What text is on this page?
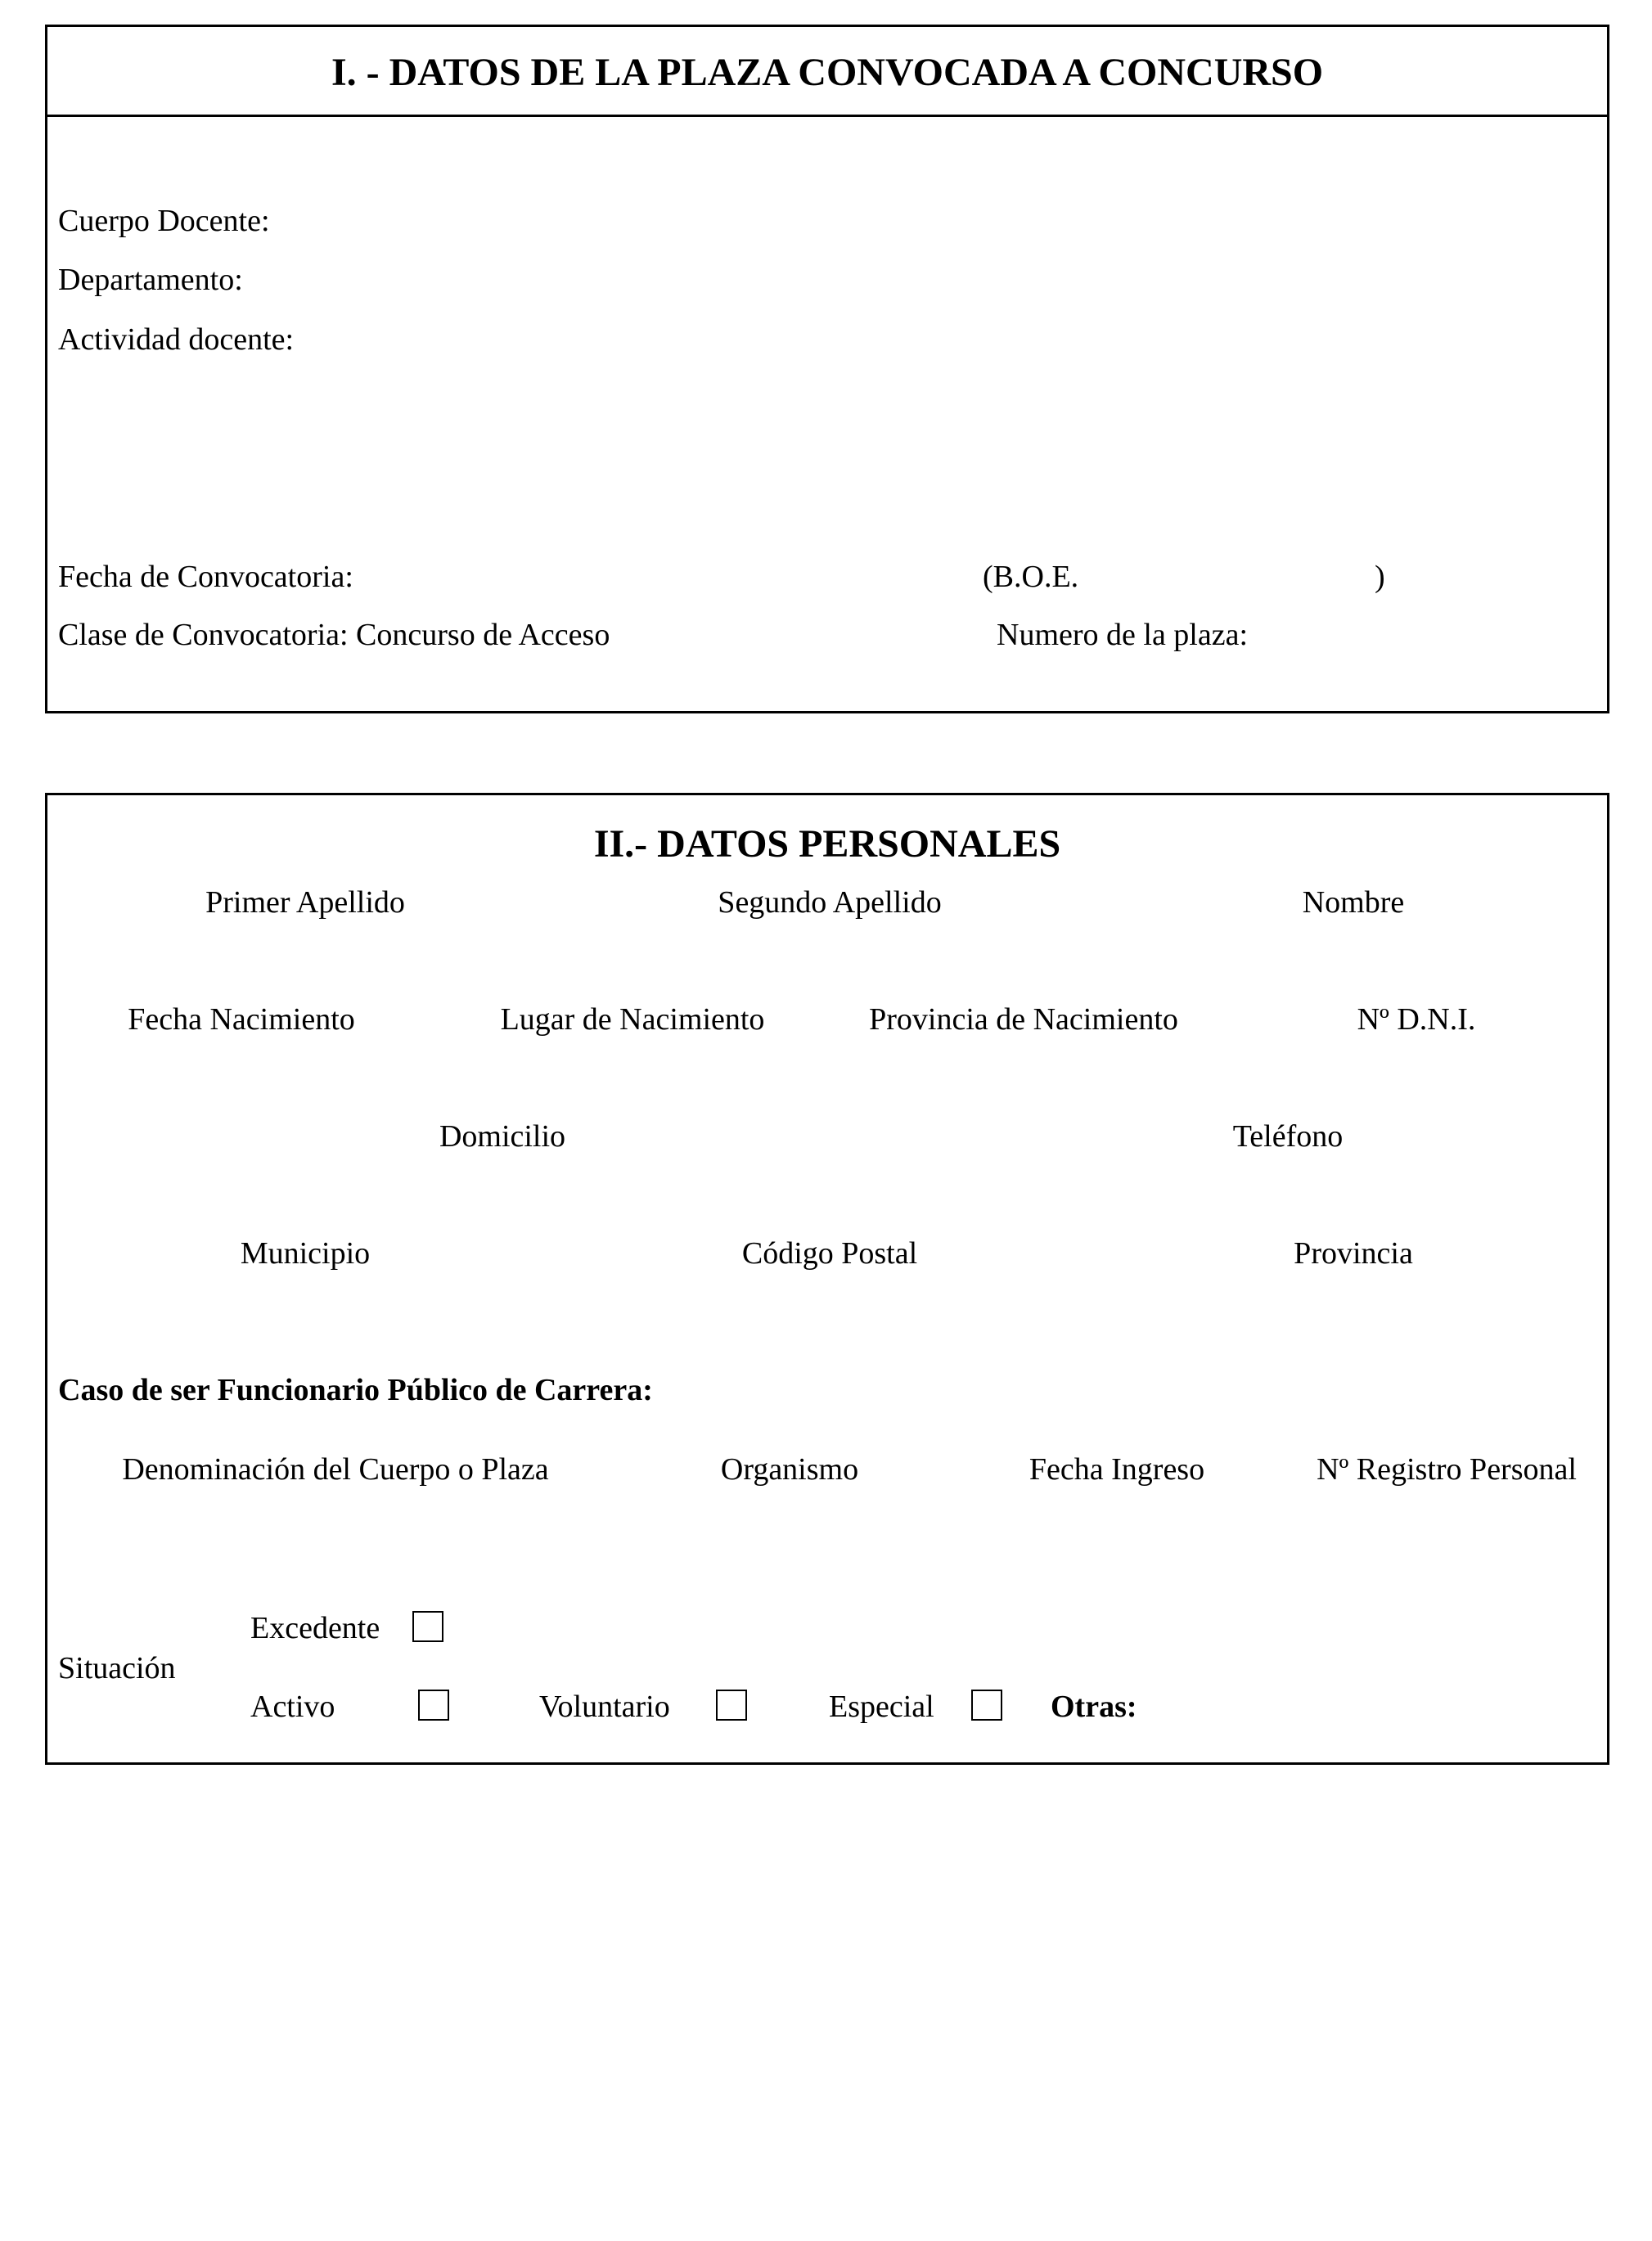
I. - DATOS DE LA PLAZA CONVOCADA A CONCURSO
Cuerpo Docente:
Departamento:
Actividad docente:
Fecha de Convocatoria:	(B.O.E.	)
Clase de Convocatoria: Concurso de Acceso	Numero de la plaza:
II.- DATOS PERSONALES
Primer Apellido	Segundo Apellido	Nombre
Fecha Nacimiento	Lugar de Nacimiento	Provincia de Nacimiento	Nº D.N.I.
Domicilio	Teléfono
Municipio	Código Postal	Provincia
Caso de ser Funcionario Público de Carrera:
Denominación del Cuerpo o Plaza	Organismo	Fecha Ingreso	Nº Registro Personal
Situación
Excedente
Activo	Voluntario	Especial	Otras:
